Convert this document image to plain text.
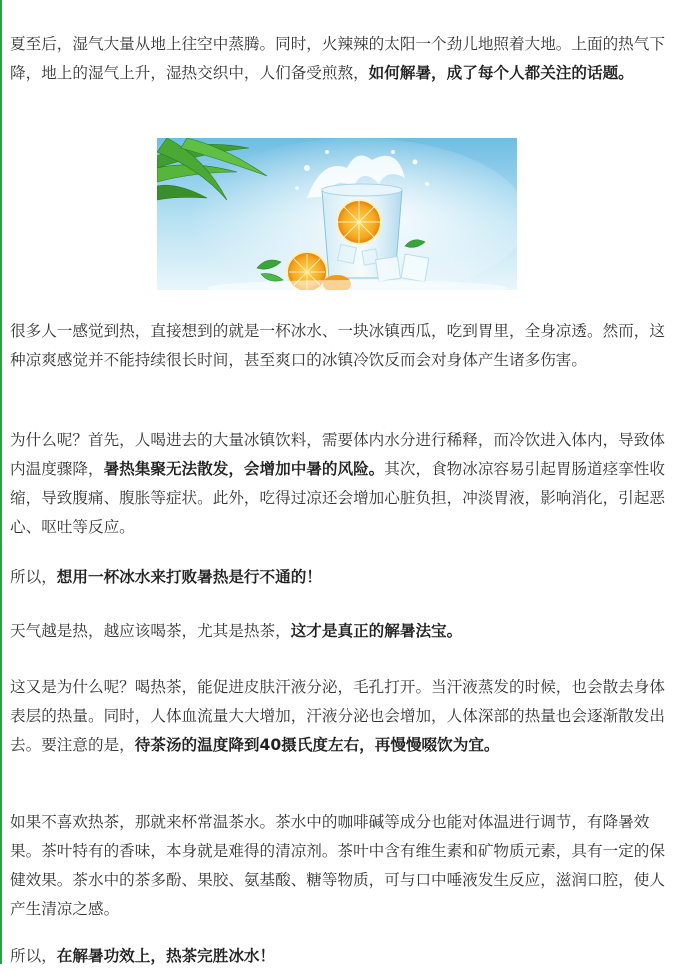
夏至后，湿气大量从地上往空中蒸腾。同时，火辣辣的太阳一个劲儿地照着大地。上面的热气下降，地上的湿气上升，湿热交织中，人们备受煎熬，如何解暑，成了每个人都关注的话题。

很多人一感觉到热，直接想到的就是一杯冰水、一块冰镇西瓜，吃到胃里，全身凉透。然而，这种凉爽感觉并不能持续很长时间，甚至爽口的冰镇冷饮反而会对身体产生诸多伤害。

为什么呢？首先，人喝进去的大量冰镇饮料，需要体内水分进行稀释，而冷饮进入体内，导致体内温度骤降，暑热集聚无法散发，会增加中暑的风险。其次，食物冰凉容易引起胃肠道痉挛性收缩，导致腹痛、腹胀等症状。此外，吃得过凉还会增加心脏负担，冲淡胃液，影响消化，引起恶心、呕吐等反应。

所以，想用一杯冰水来打败暑热是行不通的！

天气越是热，越应该喝茶，尤其是热茶，这才是真正的解暑法宝。

这又是为什么呢？喝热茶，能促进皮肤汗液分泌，毛孔打开。当汗液蒸发的时候，也会散去身体表层的热量。同时，人体血流量大大增加，汗液分泌也会增加，人体深部的热量也会逐渐散发出去。要注意的是，待茶汤的温度降到40摄氏度左右，再慢慢啜饮为宜。

如果不喜欢热茶，那就来杯常温茶水。茶水中的咖啡碱等成分也能对体温进行调节，有降暑效果。茶叶特有的香味，本身就是难得的清凉剂。茶叶中含有维生素和矿物质元素，具有一定的保健效果。茶水中的茶多酚、果胶、氨基酸、糖等物质，可与口中唾液发生反应，滋润口腔，使人产生清凉之感。

所以，在解暑功效上，热茶完胜冰水！
